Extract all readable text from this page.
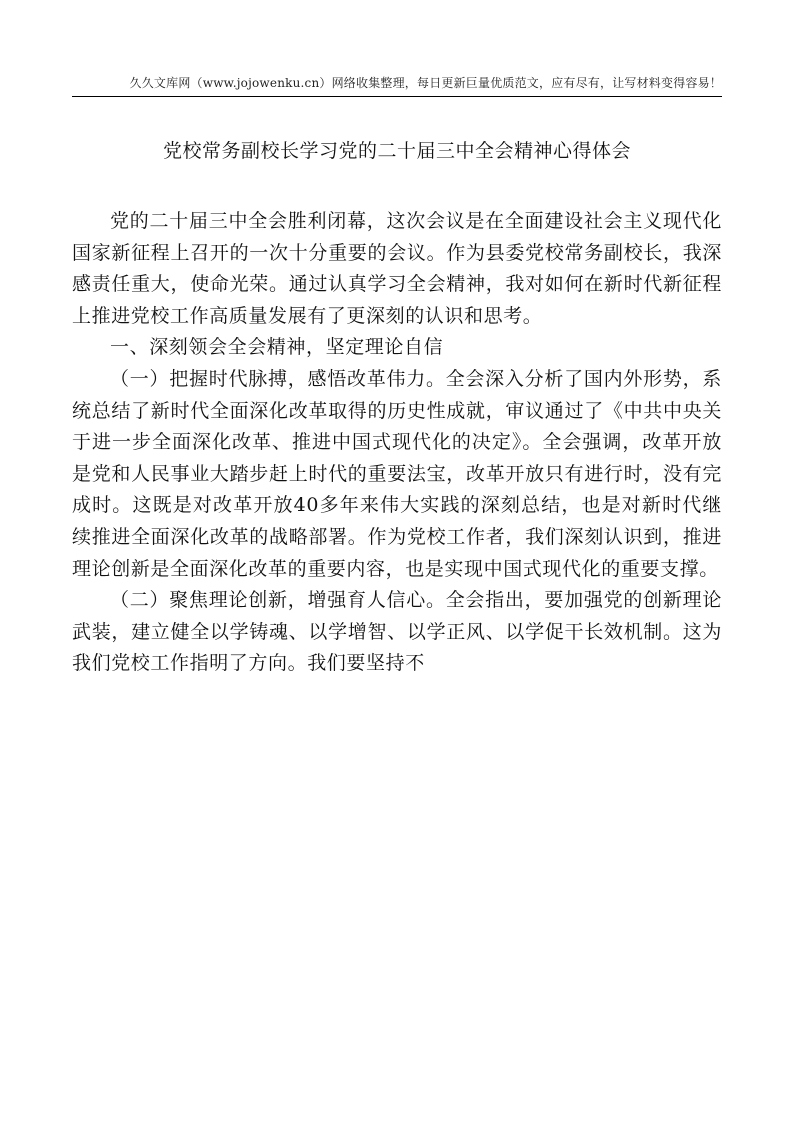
久久文库网（www.jojowenku.cn）网络收集整理，每日更新巨量优质范文，应有尽有，让写材料变得容易！
党校常务副校长学习党的二十届三中全会精神心得体会

党的二十届三中全会胜利闭幕，这次会议是在全面建设社会主义现代化国家新征程上召开的一次十分重要的会议。作为县委党校常务副校长，我深感责任重大，使命光荣。通过认真学习全会精神，我对如何在新时代新征程上推进党校工作高质量发展有了更深刻的认识和思考。

一、深刻领会全会精神，坚定理论自信

（一）把握时代脉搏，感悟改革伟力。全会深入分析了国内外形势，系统总结了新时代全面深化改革取得的历史性成就，审议通过了《中共中央关于进一步全面深化改革、推进中国式现代化的决定》。全会强调，改革开放是党和人民事业大踏步赶上时代的重要法宝，改革开放只有进行时，没有完成时。这既是对改革开放40多年来伟大实践的深刻总结，也是对新时代继续推进全面深化改革的战略部署。作为党校工作者，我们深刻认识到，推进理论创新是全面深化改革的重要内容，也是实现中国式现代化的重要支撑。

（二）聚焦理论创新，增强育人信心。全会指出，要加强党的创新理论武装，建立健全以学铸魂、以学增智、以学正风、以学促干长效机制。这为我们党校工作指明了方向。我们要坚持不
